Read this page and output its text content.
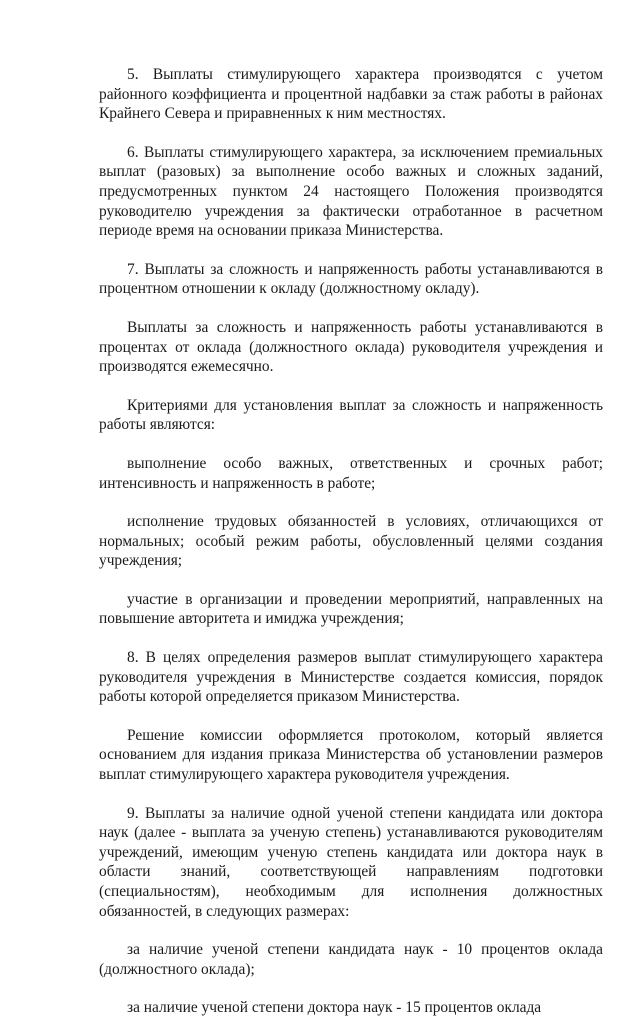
5. Выплаты стимулирующего характера производятся с учетом районного коэффициента и процентной надбавки за стаж работы в районах Крайнего Севера и приравненных к ним местностях.

6. Выплаты стимулирующего характера, за исключением премиальных выплат (разовых) за выполнение особо важных и сложных заданий, предусмотренных пунктом 24 настоящего Положения производятся руководителю учреждения за фактически отработанное в расчетном периоде время на основании приказа Министерства.

7. Выплаты за сложность и напряженность работы устанавливаются в процентном отношении к окладу (должностному окладу).

Выплаты за сложность и напряженность работы устанавливаются в процентах от оклада (должностного оклада) руководителя учреждения и производятся ежемесячно.

Критериями для установления выплат за сложность и напряженность работы являются:

выполнение особо важных, ответственных и срочных работ; интенсивность и напряженность в работе;

исполнение трудовых обязанностей в условиях, отличающихся от нормальных; особый режим работы, обусловленный целями создания учреждения;

участие в организации и проведении мероприятий, направленных на повышение авторитета и имиджа учреждения;

8. В целях определения размеров выплат стимулирующего характера руководителя учреждения в Министерстве создается комиссия, порядок работы которой определяется приказом Министерства.

Решение комиссии оформляется протоколом, который является основанием для издания приказа Министерства об установлении размеров выплат стимулирующего характера руководителя учреждения.

9. Выплаты за наличие одной ученой степени кандидата или доктора наук (далее - выплата за ученую степень) устанавливаются руководителям учреждений, имеющим ученую степень кандидата или доктора наук в области знаний, соответствующей направлениям подготовки (специальностям), необходимым для исполнения должностных обязанностей, в следующих размерах:

за наличие ученой степени кандидата наук - 10 процентов оклада (должностного оклада);

за наличие ученой степени доктора наук - 15 процентов оклада
